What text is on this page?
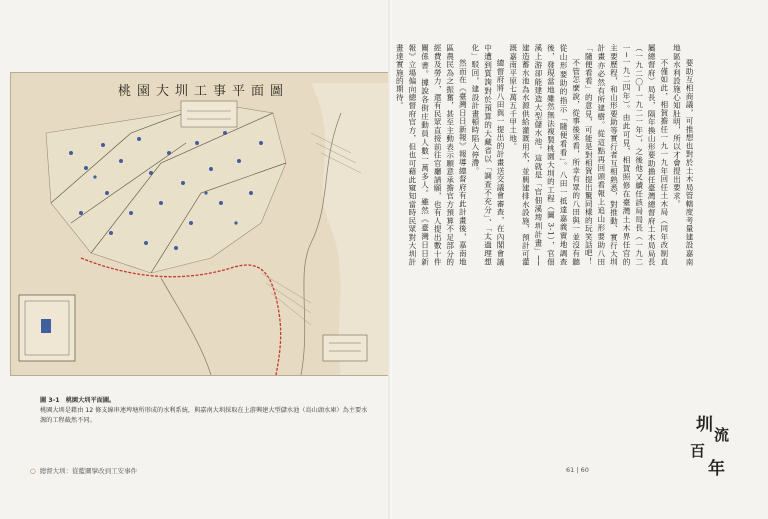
桃園大圳工事平面圖
圖 3-1　桃園大圳平面圖。

桃園大圳是藉由 12 條支線串連埤塘所形成的水利系統，與嘉南大圳採取在上游興建大型儲水池（烏山頭水庫）為主要水源的工程截然不同。

○ 總督大圳：從藍圖擘改到工安事件

要助互相商議，可推想也對於土木局管轄度考量建設嘉南地區水利設施心知肚明，所以才會提出要求。

不僅如此，相賀擔任一九一九年回任土木局（同年改制直屬總督府）局長，隔年換山形要助擔任臺灣總督府土木局局長（一九二〇─一九二一年），之後他又續任該局局長（一九二一─一九二四年）。由此可見，相賀照修在臺灣土木界任官的主要歷程，和山形要助等實行者互相熟悉，對推動、實行大圳計畫亦必然有所建樹。從這點再回頭看報上追山形要助八田「隨便看看」的意見，可能是對相賀提出驚同樣的玩笑話吧！

不管怎麼說，從事後來看，所幸有眾的八田與一並沒有聽從山形要助的指示「隨便看看」。八田一抵達嘉義實地調查後，發現當地雖然無法複製桃園大圳的工程（圖 3-1），官佃溪上游卻能建造大型儲水池，這就是「官佃溪埤圳計畫」──建造蓄水池為水源供給灌溉用水，並興建排水設施，預計可灌溉嘉南平原七萬五千甲土地。

總督府將八田與一提出的計畫送交議會審查，在內閣會議中遭到質詢對於預算的大藏省以「調查不充分」、「太過理想化」駁回，建設計畫頓時陷入停滯。

然而在《臺灣日日新報》報導總督府有此計畫後，嘉南地區農民為之振奮，甚至主動表示願意承擔官方預算不足部分的經費及勞力，還有民眾直接前往官廳請願，也有人提出數十件關係書。據說各街庄動員人數一萬多人。雖然《臺灣日日新報》立場偏向總督府官方，但也可藉此窺知當時民眾對大圳計畫達實施的期待。

61 | 60
圳 流
百
年
